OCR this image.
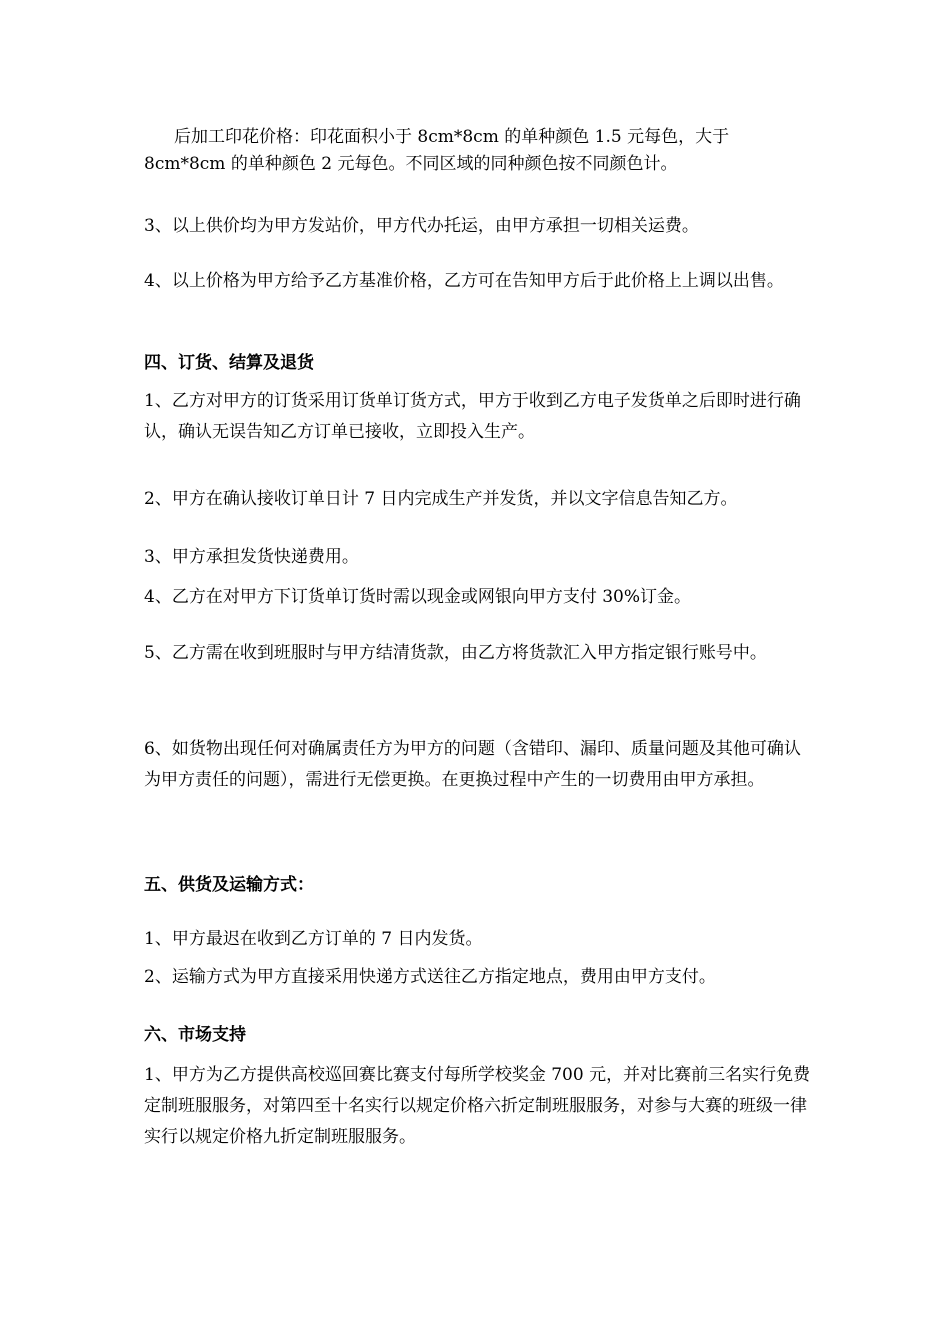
后加工印花价格：印花面积小于 8cm*8cm 的单种颜色 1.5 元每色，大于 8cm*8cm 的单种颜色 2 元每色。不同区域的同种颜色按不同颜色计。

3、以上供价均为甲方发站价，甲方代办托运，由甲方承担一切相关运费。

4、以上价格为甲方给予乙方基准价格，乙方可在告知甲方后于此价格上上调以出售。

四、订货、结算及退货

1、乙方对甲方的订货采用订货单订货方式，甲方于收到乙方电子发货单之后即时进行确认，确认无误告知乙方订单已接收，立即投入生产。

2、甲方在确认接收订单日计 7 日内完成生产并发货，并以文字信息告知乙方。

3、甲方承担发货快递费用。

4、乙方在对甲方下订货单订货时需以现金或网银向甲方支付 30%订金。

5、乙方需在收到班服时与甲方结清货款，由乙方将货款汇入甲方指定银行账号中。

6、如货物出现任何对确属责任方为甲方的问题（含错印、漏印、质量问题及其他可确认为甲方责任的问题），需进行无偿更换。在更换过程中产生的一切费用由甲方承担。

五、供货及运输方式：

1、甲方最迟在收到乙方订单的 7 日内发货。

2、运输方式为甲方直接采用快递方式送往乙方指定地点，费用由甲方支付。

六、市场支持

1、甲方为乙方提供高校巡回赛比赛支付每所学校奖金 700 元，并对比赛前三名实行免费定制班服服务，对第四至十名实行以规定价格六折定制班服服务，对参与大赛的班级一律实行以规定价格九折定制班服服务。
